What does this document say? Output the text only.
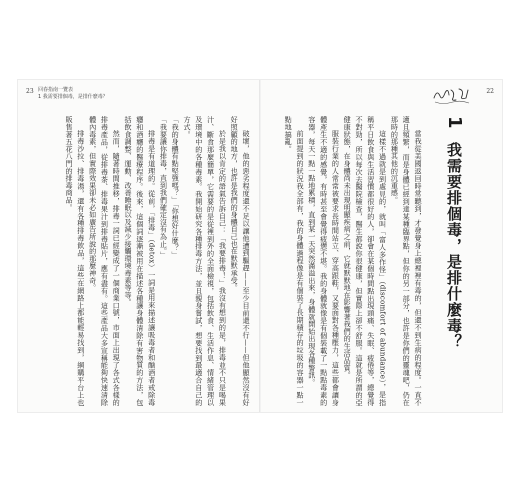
23 回春指南一覽表
1 我需要排個毒，是排什麼毒？

破壞，他的惡劣程度還不足以讓他遭到驅趕——至少目前還不行——但他顯然沒有好好照顧的地方，也許是我們的身體自己也在默默承受。

於是我以肯定的語氣告訴自己：「我要排毒！」我沒有想到的是，排毒並不只是喝果汁、斷食那麼簡單，它需要的是從裡到外的全面檢視，包括飲食、生活作息、情緒管理以及環境中的各種毒素。我開始研究各種排毒方法，並且親身嘗試，想要找到最適合自己的方式。

「我的身體有點堅強嗎？」「你想好什麼？」

「我要讓你排毒，直到我們確定沒有為止。」

排毒是有道理的。從前，「排毒」（detox）一詞是用來描述讓吸毒者和酗酒者戒除毒癮和酒癮的醫療程序。後來，這個詞逐漸被用在描述各種讓身體清除有害物質的方法，包括飲食調整、運動、改善睡眠以及減少接觸環境毒素等等。

然而，隨著時間推移，排毒一詞已經變成了一個商業口號，市面上出現了各式各樣的排毒產品，從排毒茶、排毒果汁到排毒貼片，應有盡有。這些產品大多宣稱能夠快速清除體內毒素，但實際效果卻未必如廣告所說的那麼神奇。

排毒沙拉、排毒湯，還有各種排毒飲品，這些在網路上都能輕易找到，網購平台上也販售著五花八門的排毒商品。

22
1 我需要排個毒，是排什麼毒？

當我從美國返回時常聽到，才發覺身上總裡裡有毒的，但還不到生病的程度。一直不適且頻繁，而是身體已經到達某種臨界點，但你的另一部分，也許是你們的靈魂吧，仍在那時的那種其他的沉重感。

這樣不過就是到處見的，就叫「富人多作怪」（discomfort of abundance），是指稱平日飲食與生活習慣都很好的人，卻會在某個時間點出現頭痛、失眠、疲倦等，總覺得不對勁，所以每次去醫院檢查，醫生都說你很健康，但實際上卻不舒服。這就是所謂的亞健康狀態，在身體尚未出現明顯疾病之前，它就默默地在影響著我們的生活品質。

服裝行業的人常常被要求長時間站立、穿高跟鞋，又要面對各種壓力，這些都會讓身體產生不適的感覺，有時甚至會覺得疲憊不堪。我的身體就像是有個裝載了一點點毒素的容器，每天一點一點地累積，直到某一天突然滿溢出來，身體就開始出現各種警訊。

前面提到的狀況我全部有，我的身體過程像是有個裝了長期積存的垃圾的容器一點一點地搞亂。
